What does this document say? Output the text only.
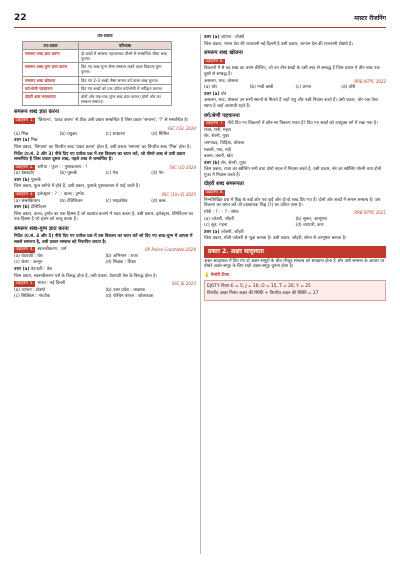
22	मास्टर रीजनिंग
उप-प्रकार
उप-प्रकार	परिभाषा
समरूप शब्द ज्ञात करना	दो शब्दों में सम्बन्ध पहचानकर तीसरे से सम्बन्धित चौथा शब्द चुनना।
समरूप शब्द-युग्म ज्ञात करना	दिए गए शब्द-युग्म जैसा सम्बन्ध रखने वाला विकल्प-युग्म चुनना।
समरूप शब्द खोजना	दिए गए 2-3 शब्दों जैसा समान वर्ग वाला शब्द चुनना।
वर्ग/श्रेणी पहचानना	दिए गए शब्दों को एक उचित वर्ग/श्रेणी में वर्गीकृत करना।
दोहरी शब्द समरूपता	दोनों ओर एक-एक लुप्त शब्द ज्ञात करना (दोनों ओर का सम्बन्ध समान)।
समरूप शब्द ज्ञात करना
उदाहरण 1. 'छिपाना', 'प्रकट करना' से ठीक उसी प्रकार सम्बन्धित है जिस प्रकार 'समान्य', '?' से सम्बन्धित है।
SSC CGL 2024
(a) भिन्न	(b) प्रयुक्त	(c) साधारण	(d) मिश्रित

उत्तर (a) भिन्न

जिस प्रकार, 'छिपाना' का विपरीत शब्द 'प्रकट करना' होता है, उसी प्रकार 'समान्य' का विपरीत शब्द 'भिन्न' होता है।

निर्देश (प्र.सं. 2 और 3) नीचे दिए गए प्रत्येक प्रश्न में उस विकल्प का चयन करें, जो तीसरे शब्द से उसी प्रकार सम्बन्धित है जिस प्रकार दूसरा शब्द, पहले शब्द से सम्बन्धित है।

उदाहरण 2. बगीचा : फूल : : पुस्तकालय : ?	SSC GD 2024
(a) डेस्कटॉप	(b) पुस्तकें	(c) मेज़	(d) पेन

उत्तर (b) पुस्तकें

जिस प्रकार, फूल बगीचे में होते हैं, उसी प्रकार, पुस्तकें पुस्तकालय में पाई जाती हैं।

उदाहरण 3. इलेक्ट्रान : ? : : वाल्व : ट्रम्पेट	SSC (10+2) 2025
(a) सब्सक्रिप्शन	(b) टेलिविज़न	(c) माइक्रोवेव	(d) बल्ब

उत्तर (b) टेलिविज़न

जिस प्रकार, वाल्व, ट्रम्पेट का एक हिस्सा है जो वाद्ययंत्र बजाने में मदद करता है, उसी प्रकार, इलेक्ट्रान, टेलिविज़न का एक हिस्सा है जो इंजन को चालू करता है।

समरूप शब्द-युग्म ज्ञात करना

निर्देश (प्र.सं. 4 और 5) नीचे दिए गए प्रत्येक प्रश्न में उस विकल्प का चयन करें जो दिए गए शब्द-युग्म में आपस में सबसे समरूप है, उसी प्रकार सम्बन्ध को निरूपित करता है।

उदाहरण 4. स्वतन्त्रीकरण : धर्म	UP Police Constable 2024
(a) वेदपाठी : वेश	(b) अभिमान : राजा
(c) जेलर : कानून	(d) शिक्षक : शिक्षा

उत्तर (a) वेदपाठी : वेश

जिस प्रकार, स्वतन्त्रीकरण धर्म के विरुद्ध होता है, उसी प्रकार, वेदपाठी वेश के विरुद्ध होता है।

उदाहरण 5. भारत : नई दिल्ली	SSC JE 2023
(a) जापान : टोक्यो	(b) उत्तर प्रदेश : लखनऊ
(c) सिक्किम : गंगटोक	(d) पश्चिम बंगाल : कोलकाता

उत्तर (a) जापान : टोक्यो

जिस प्रकार, भारत देश की राजधानी नई दिल्ली है उसी प्रकार, जापान देश की राजधानी टोक्यो है।

समरूप शब्द खोजना
उदाहरण 6.
विकल्पों में से वह शब्द का चयन कीजिए, जो उन तीन शब्दों के उसी तरह से सम्बद्ध है जिस प्रकार ये तीन शब्द एक दूसरे से सम्बद्ध हैं।

असलम, भाट, चोसला	RRB NTPC 2022

(a) चोर	(b) गन्दी बस्ती	(c) ठगना	(d) चोरी

उत्तर (a) चोर

असलम, भाट, चोसला उन सभी स्थानों से मिलते हैं जहाँ पशु और पक्षी निवास करते हैं। उसी प्रकार, चोर एक ऐसा स्थान है जहाँ अपराधी रहते हैं।

वर्ग/श्रेणी पहचानना
उदाहरण 7. नीचे दिए गए विकल्पों में कौन-सा विकल्प गलत है? दिए गए शब्दों को उपयुक्त वर्ग में रखा गया है।

राजा, रानी, महल

शेर, शेरनी, गुफ़ा

चमगादड़, चिड़िया, घोंसला

मछली, गाय, नदी

बकरा, बकरी, खेत

उत्तर (b) शेर, शेरनी, गुफ़ा

जिस प्रकार, राजा का स्त्रीलिंग रानी तथा दोनों महल में निवास करते हैं, उसी प्रकार, शेर का स्त्रीलिंग शेरनी तथा दोनों गुफ़ा में निवास करते हैं।

दोहरी शब्द समरूपता
उदाहरण 8.
निम्नलिखित प्रश्न में चिह्न के बाईं ओर एवं दाईं ओर दो-दो शब्द दिए गए हैं। दोनों ओर शब्दों में समान सम्बन्ध है। उस विकल्प का चयन करें जो प्रश्नवाचक चिह्न (?) का उचित उत्तर है।

मोती : ? : : ? : सोना	RRB NTPC 2021

(a) ज्वेलरी, जौहरी	(b) सुनार, आभूषण
(c) सूत, गहना	(d) व्यापारी, कण

उत्तर (a) ज्वेलरी, जौहरी

जिस प्रकार, मोती ज्वेलरी से जुड़ा बनाता है। उसी प्रकार, जौहरी, सोना से आभूषण बनाता है।

प्रकार 2. अक्षर सादृश्यता

अक्षर सादृश्यता में दिए गए दो अक्षर-समूहों के बीच मौजूद सम्बन्ध को समझना होता है और उसी सम्बन्ध के आधार पर तीसरे अक्षर-समूह के लिए सही अक्षर-समूह चुनना होता है।

💡 मेमोरी टिप्स

EJOTY नियम E = 5, J = 10, O = 15, T = 20, Y = 25

विपरीत अक्षर नियम अक्षर की स्थिति + विपरीत अक्षर की स्थिति = 27
